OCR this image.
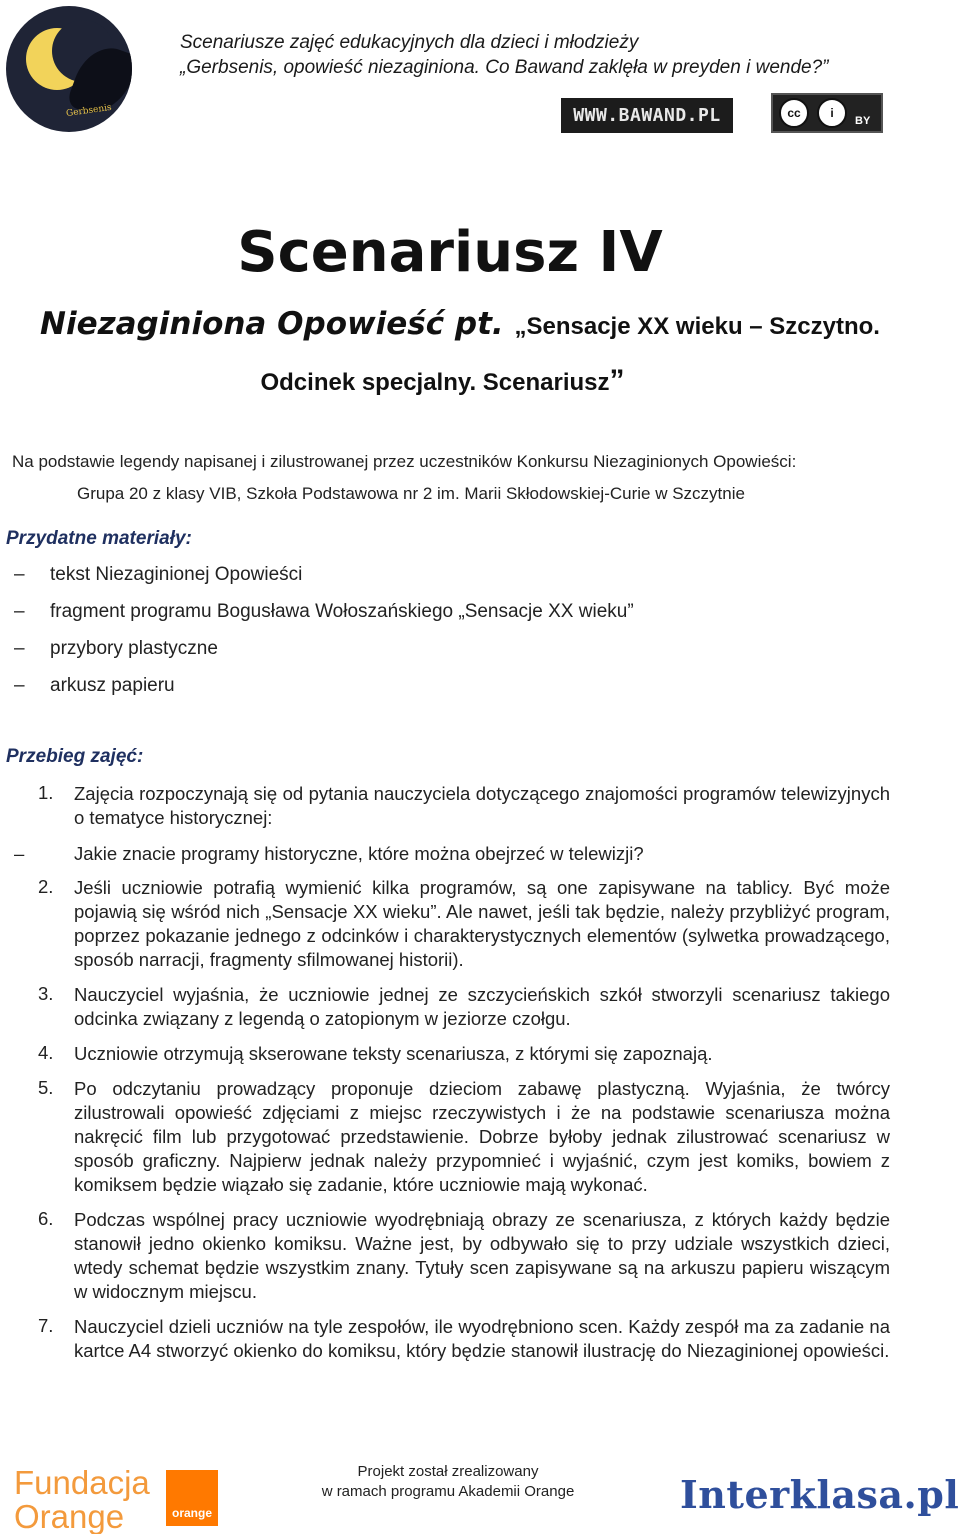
Gerbsenis
Scenariusze zajęć edukacyjnych dla dzieci i młodzieży
„Gerbsenis, opowieść niezaginiona. Co Bawand zaklęła w preyden i wende?”
WWW.BAWAND.PL	cc	i
BY
Scenariusz IV
Niezaginiona Opowieść pt. „Sensacje XX wieku – Szczytno.
Odcinek specjalny. Scenariusz”
Na podstawie legendy napisanej i zilustrowanej przez uczestników Konkursu Niezaginionych Opowieści:
Grupa 20 z klasy VIB, Szkoła Podstawowa nr 2 im. Marii Skłodowskiej-Curie w Szczytnie
Przydatne materiały:
–	tekst Niezaginionej Opowieści
–	fragment programu Bogusława Wołoszańskiego „Sensacje XX wieku”
–	przybory plastyczne
–	arkusz papieru
Przebieg zajęć:
1.	Zajęcia rozpoczynają się od pytania nauczyciela dotyczącego znajomości programów telewizyjnych o tematyce historycznej:
–	Jakie znacie programy historyczne, które można obejrzeć w telewizji?
2.	Jeśli uczniowie potrafią wymienić kilka programów, są one zapisywane na tablicy. Być może pojawią się wśród nich „Sensacje XX wieku”. Ale nawet, jeśli tak będzie, należy przybliżyć program, poprzez pokazanie jednego z odcinków i charakterystycznych elementów (sylwetka prowadzącego, sposób narracji, fragmenty sfilmowanej historii).
3.	Nauczyciel wyjaśnia, że uczniowie jednej ze szczycieńskich szkół stworzyli scenariusz takiego odcinka związany z legendą o zatopionym w jeziorze czołgu.
4.	Uczniowie otrzymują skserowane teksty scenariusza, z którymi się zapoznają.
5.	Po odczytaniu prowadzący proponuje dzieciom zabawę plastyczną. Wyjaśnia, że twórcy zilustrowali opowieść zdjęciami z miejsc rzeczywistych i że na podstawie scenariusza można nakręcić film lub przygotować przedstawienie. Dobrze byłoby jednak zilustrować scenariusz w sposób graficzny. Najpierw jednak należy przypomnieć i wyjaśnić, czym jest komiks, bowiem z komiksem będzie wiązało się zadanie, które uczniowie mają wykonać.
6.	Podczas wspólnej pracy uczniowie wyodrębniają obrazy ze scenariusza, z których każdy będzie stanowił jedno okienko komiksu. Ważne jest, by odbywało się to przy udziale wszystkich dzieci, wtedy schemat będzie wszystkim znany. Tytuły scen zapisywane są na arkuszu papieru wiszącym w widocznym miejscu.
7.	Nauczyciel dzieli uczniów na tyle zespołów, ile wyodrębniono scen. Każdy zespół ma za zadanie na kartce A4 stworzyć okienko do komiksu, który będzie stanowił ilustrację do Niezaginionej opowieści.
Fundacja
Orange	orange
Projekt został zrealizowany
w ramach programu Akademii Orange	Interklasa.pl
